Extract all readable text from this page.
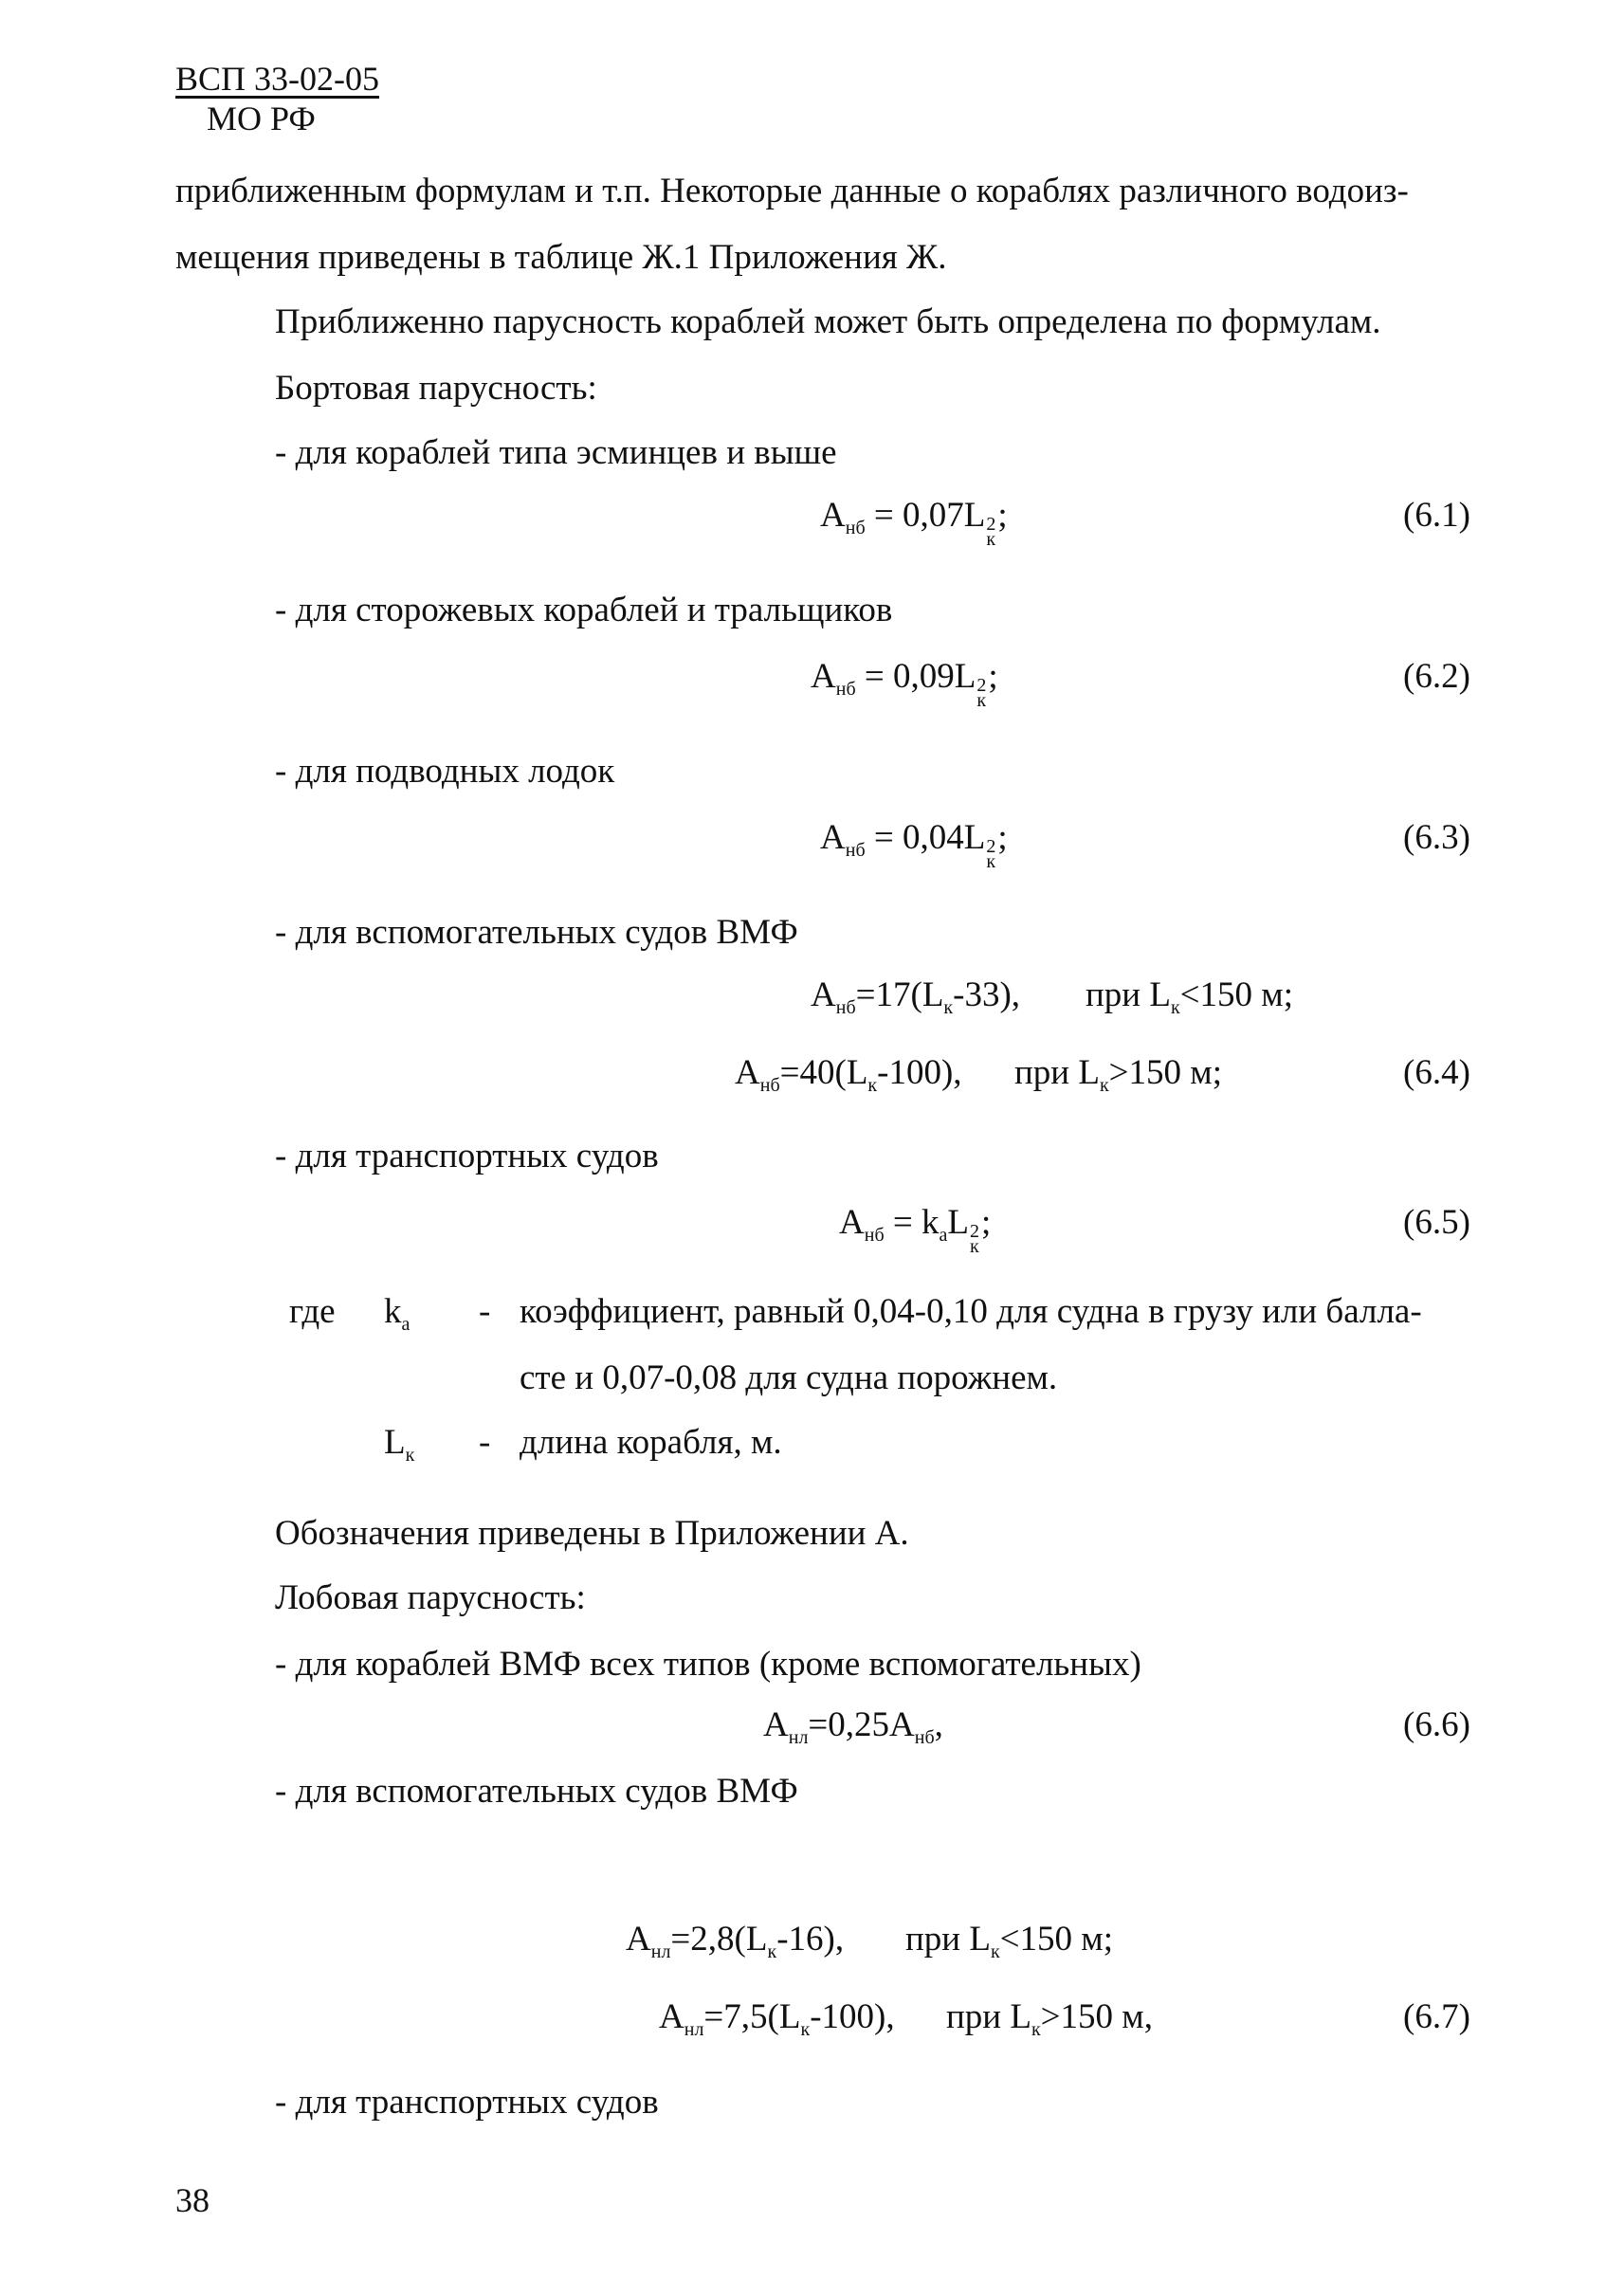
ВСП 33-02-05
МО РФ
приближенным формулам и т.п. Некоторые данные о кораблях различного водоиз-
мещения приведены в таблице Ж.1 Приложения Ж.
Приближенно парусность кораблей может быть определена по формулам.
Бортовая парусность:
- для кораблей типа эсминцев и выше
$А_{нб} = 0,07L$ 2
к
;	(6.1)
- для сторожевых кораблей и тральщиков
$А_{нб} = 0,09L$ 2
к
;	(6.2)
- для подводных лодок
$А_{нб} = 0,04L$ 2
к
;	(6.3)
- для вспомогательных судов ВМФ
$А_{нб}=17(L_к-33)$, при $L_к<150$ м;
$А_{нб}=40(L_к-100)$, при $L_к>150$ м;	(6.4)
- для транспортных судов
$А_{нб} = k_аL$ 2
к
;	(6.5)
где $k_а$ - коэффициент, равный 0,04-0,10 для судна в грузу или балла-
сте и 0,07-0,08 для судна порожнем.
$L_к$ - длина корабля, м.
Обозначения приведены в Приложении А.
Лобовая парусность:
- для кораблей ВМФ всех типов (кроме вспомогательных)
$А_{нл}=0,25А_{нб}$,	(6.6)
- для вспомогательных судов ВМФ
$А_{нл}=2,8(L_к-16)$, при $L_к<150$ м;
$А_{нл}=7,5(L_к-100)$, при $L_к>150$ м,	(6.7)
- для транспортных судов
38
